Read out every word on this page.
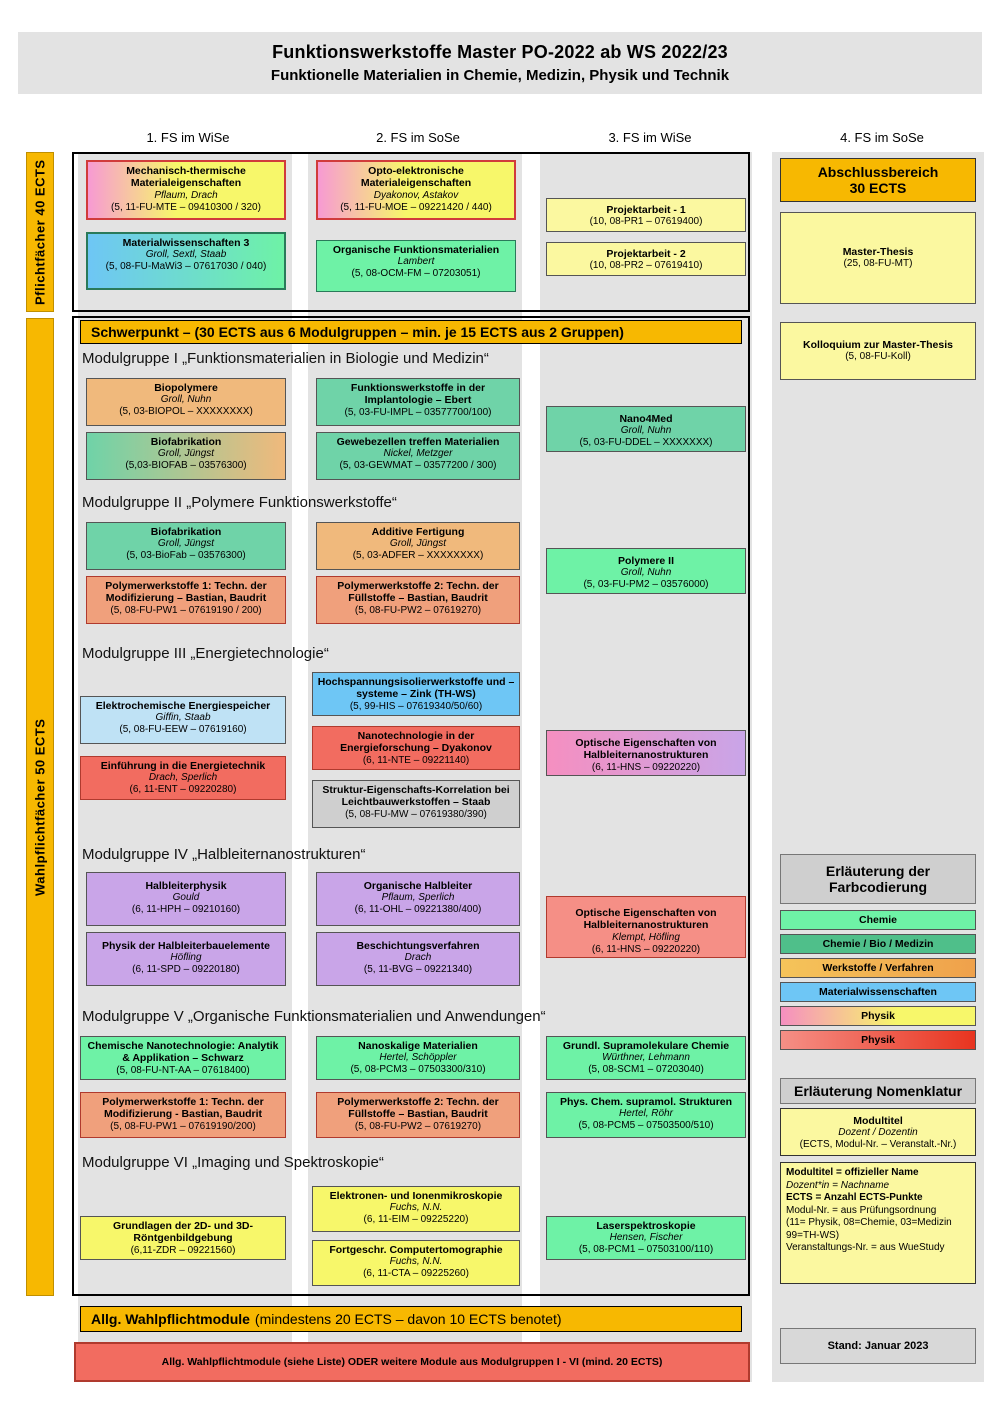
Funktionswerkstoffe Master PO-2022 ab WS 2022/23
Funktionelle Materialien in Chemie, Medizin, Physik und Technik
1. FS im WiSe	2. FS im SoSe	3. FS im WiSe	4. FS im SoSe
Pflichtfächer 40 ECTS
Wahlpflichtfächer 50 ECTS
Mechanisch-thermische Materialeigenschaften
Pflaum, Drach
(5, 11-FU-MTE – 09410300 / 320)
Materialwissenschaften 3
Groll, Sextl, Staab
(5, 08-FU-MaWi3 – 07617030 / 040)
Opto-elektronische Materialeigenschaften
Dyakonov, Astakov
(5, 11-FU-MOE – 09221420 / 440)
Organische Funktionsmaterialien
Lambert
(5, 08-OCM-FM – 07203051)
Projektarbeit - 1
(10, 08-PR1 – 07619400)
Projektarbeit - 2
(10, 08-PR2 – 07619410)
Abschlussbereich
30 ECTS
Master-Thesis
(25, 08-FU-MT)
Kolloquium zur Master-Thesis
(5, 08-FU-Koll)
Schwerpunkt – (30 ECTS aus 6 Modulgruppen – min. je 15 ECTS aus 2 Gruppen)
Modulgruppe I „Funktionsmaterialien in Biologie und Medizin“
Biopolymere
Groll, Nuhn
(5, 03-BIOPOL – XXXXXXXX)
Biofabrikation
Groll, Jüngst
(5,03-BIOFAB – 03576300)
Funktionswerkstoffe in der Implantologie – Ebert
(5, 03-FU-IMPL – 03577700/100)
Gewebezellen treffen Materialien
Nickel, Metzger
(5, 03-GEWMAT – 03577200 / 300)
Nano4Med
Groll, Nuhn
(5, 03-FU-DDEL – XXXXXXX)
Modulgruppe II „Polymere Funktionswerkstoffe“
Biofabrikation
Groll, Jüngst
(5, 03-BioFab – 03576300)
Polymerwerkstoffe 1: Techn. der Modifizierung – Bastian, Baudrit
(5, 08-FU-PW1 – 07619190 / 200)
Additive Fertigung
Groll, Jüngst
(5, 03-ADFER – XXXXXXXX)
Polymerwerkstoffe 2: Techn. der Füllstoffe – Bastian, Baudrit
(5, 08-FU-PW2 – 07619270)
Polymere II
Groll, Nuhn
(5, 03-FU-PM2 – 03576000)
Modulgruppe III „Energietechnologie“
Elektrochemische Energiespeicher
Giffin, Staab
(5, 08-FU-EEW – 07619160)
Einführung in die Energietechnik
Drach, Sperlich
(6, 11-ENT – 09220280)
Hochspannungsisolierwerkstoffe und – systeme – Zink (TH-WS)
(5, 99-HIS – 07619340/50/60)
Nanotechnologie in der Energieforschung – Dyakonov
(6, 11-NTE – 09221140)
Struktur-Eigenschafts-Korrelation bei Leichtbauwerkstoffen – Staab
(5, 08-FU-MW – 07619380/390)
Optische Eigenschaften von Halbleiternanostrukturen
(6, 11-HNS – 09220220)
Modulgruppe IV „Halbleiternanostrukturen“
Halbleiterphysik
Gould
(6, 11-HPH – 09210160)
Physik der Halbleiterbauelemente
Höfling
(6, 11-SPD – 09220180)
Organische Halbleiter
Pflaum, Sperlich
(6, 11-OHL – 09221380/400)
Beschichtungsverfahren
Drach
(5, 11-BVG – 09221340)
Optische Eigenschaften von Halbleiternanostrukturen
Klempt, Höfling
(6, 11-HNS – 09220220)
Modulgruppe V „Organische Funktionsmaterialien und Anwendungen“
Chemische Nanotechnologie: Analytik & Applikation – Schwarz
(5, 08-FU-NT-AA – 07618400)
Polymerwerkstoffe 1: Techn. der Modifizierung - Bastian, Baudrit
(5, 08-FU-PW1 – 07619190/200)
Nanoskalige Materialien
Hertel, Schöppler
(5, 08-PCM3 – 07503300/310)
Polymerwerkstoffe 2: Techn. der Füllstoffe – Bastian, Baudrit
(5, 08-FU-PW2 – 07619270)
Grundl. Supramolekulare Chemie
Würthner, Lehmann
(5, 08-SCM1 – 07203040)
Phys. Chem. supramol. Strukturen
Hertel, Röhr
(5, 08-PCM5 – 07503500/510)
Modulgruppe VI „Imaging und Spektroskopie“
Grundlagen der 2D- und 3D-Röntgenbildgebung
(6,11-ZDR – 09221560)
Elektronen- und Ionenmikroskopie
Fuchs, N.N.
(6, 11-EIM – 09225220)
Fortgeschr. Computertomographie
Fuchs, N.N.
(6, 11-CTA – 09225260)
Laserspektroskopie
Hensen, Fischer
(5, 08-PCM1 – 07503100/110)
Allg. Wahlpflichtmodule (mindestens 20 ECTS – davon 10 ECTS benotet)
Allg. Wahlpflichtmodule (siehe Liste) ODER weitere Module aus Modulgruppen I - VI (mind. 20 ECTS)
Erläuterung der
Farbcodierung
Chemie
Chemie / Bio / Medizin
Werkstoffe / Verfahren
Materialwissenschaften
Physik
Physik
Erläuterung Nomenklatur
Modultitel
Dozent / Dozentin
(ECTS, Modul-Nr. – Veranstalt.-Nr.)
Modultitel = offizieller Name
Dozent*in = Nachname
ECTS = Anzahl ECTS-Punkte
Modul-Nr. = aus Prüfungsordnung
(11= Physik, 08=Chemie, 03=Medizin
99=TH-WS)
Veranstaltungs-Nr. = aus WueStudy
Stand: Januar 2023
